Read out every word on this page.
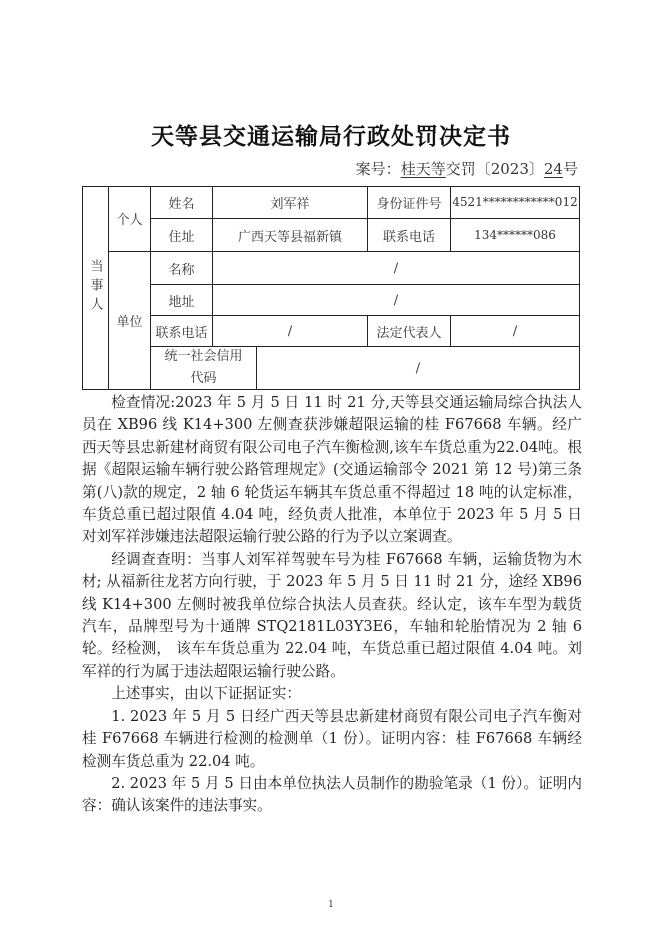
天等县交通运输局行政处罚决定书
案号：桂天等交罚〔2023〕24号
当事人
个人
单位
姓名	刘军祥	身份证件号 4521************012
住址	广西天等县福新镇	联系电话	134******086
名称	/
地址	/
联系电话	/	法定代表人	/
统一社会信用
代码
/

检查情况:2023 年 5 月 5 日 11 时 21 分,天等县交通运输局综合执法人员在 XB96 线 K14+300 左侧查获涉嫌超限运输的桂 F67668 车辆。经广西天等县忠新建材商贸有限公司电子汽车衡检测,该车车货总重为22.04吨。根据《超限运输车辆行驶公路管理规定》(交通运输部令 2021 第 12 号)第三条第(八)款的规定，2 轴 6 轮货运车辆其车货总重不得超过 18 吨的认定标准，车货总重已超过限值 4.04 吨，经负责人批准，本单位于 2023 年 5 月 5 日对刘军祥涉嫌违法超限运输行驶公路的行为予以立案调查。

经调查查明：当事人刘军祥驾驶车号为桂 F67668 车辆，运输货物为木材; 从福新往龙茗方向行驶，于 2023 年 5 月 5 日 11 时 21 分，途经 XB96 线 K14+300 左侧时被我单位综合执法人员查获。经认定，该车车型为载货汽车，品牌型号为十通牌 STQ2181L03Y3E6，车轴和轮胎情况为 2 轴 6 轮。经检测， 该车车货总重为 22.04 吨，车货总重已超过限值 4.04 吨。刘军祥的行为属于违法超限运输行驶公路。

上述事实，由以下证据证实：

1. 2023 年 5 月 5 日经广西天等县忠新建材商贸有限公司电子汽车衡对桂 F67668 车辆进行检测的检测单（1 份）。证明内容：桂 F67668 车辆经检测车货总重为 22.04 吨。

2. 2023 年 5 月 5 日由本单位执法人员制作的勘验笔录（1 份）。证明内容：确认该案件的违法事实。

1
